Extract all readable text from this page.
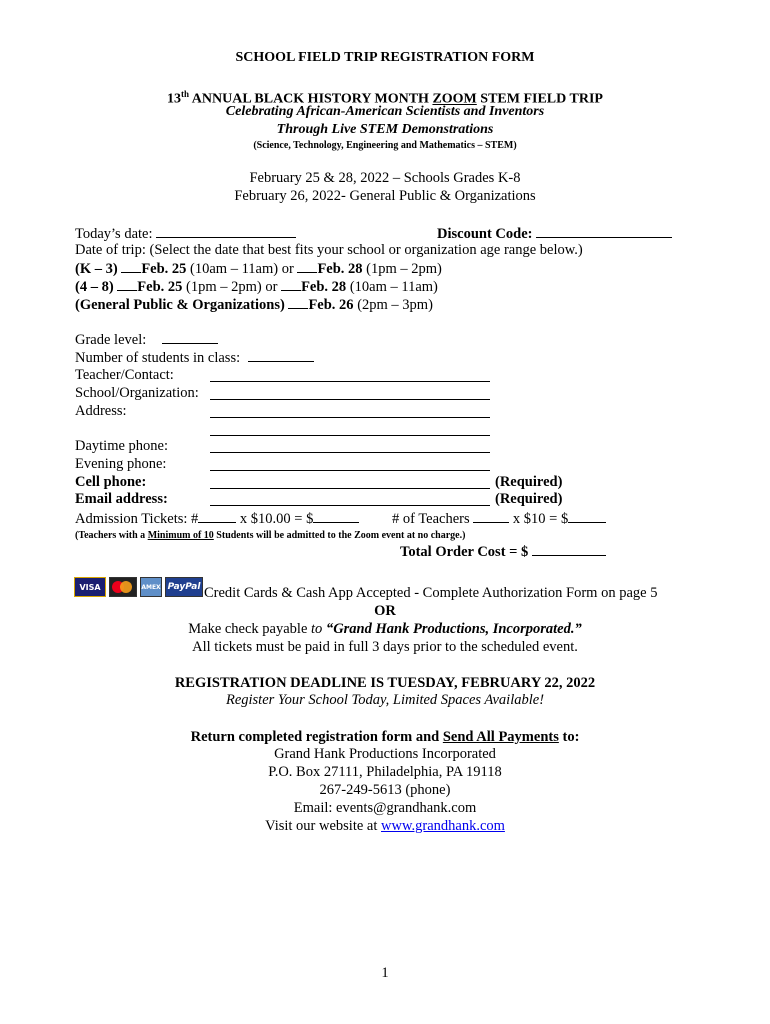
SCHOOL FIELD TRIP REGISTRATION FORM
13th ANNUAL BLACK HISTORY MONTH ZOOM STEM FIELD TRIP
Celebrating African-American Scientists and Inventors
Through Live STEM Demonstrations
(Science, Technology, Engineering and Mathematics – STEM)
February 25 & 28, 2022 – Schools Grades K-8
February 26, 2022- General Public & Organizations
Today’s date:	Discount Code:
Date of trip: (Select the date that best fits your school or organization age range below.)
(K – 3) Feb. 25 (10am – 11am) or Feb. 28 (1pm – 2pm)
(4 – 8) Feb. 25 (1pm – 2pm) or Feb. 28 (10am – 11am)
(General Public & Organizations) Feb. 26 (2pm – 3pm)
Grade level:
Number of students in class:
Teacher/Contact:
School/Organization:
Address:
Daytime phone:
Evening phone:
Cell phone:	(Required)
Email address:	(Required)
Admission Tickets: #	x $10.00 = $	# of Teachers	x $10 = $
(Teachers with a Minimum of 10 Students will be admitted to the Zoom event at no charge.)
Total Order Cost = $
VISA	AMEX PayPal Credit Cards & Cash App Accepted - Complete Authorization Form on page 5
OR
Make check payable to “Grand Hank Productions, Incorporated.”
All tickets must be paid in full 3 days prior to the scheduled event.
REGISTRATION DEADLINE IS TUESDAY, FEBRUARY 22, 2022
Register Your School Today, Limited Spaces Available!
Return completed registration form and Send All Payments to:
Grand Hank Productions Incorporated
P.O. Box 27111, Philadelphia, PA 19118
267-249-5613 (phone)
Email: events@grandhank.com
Visit our website at www.grandhank.com
1
